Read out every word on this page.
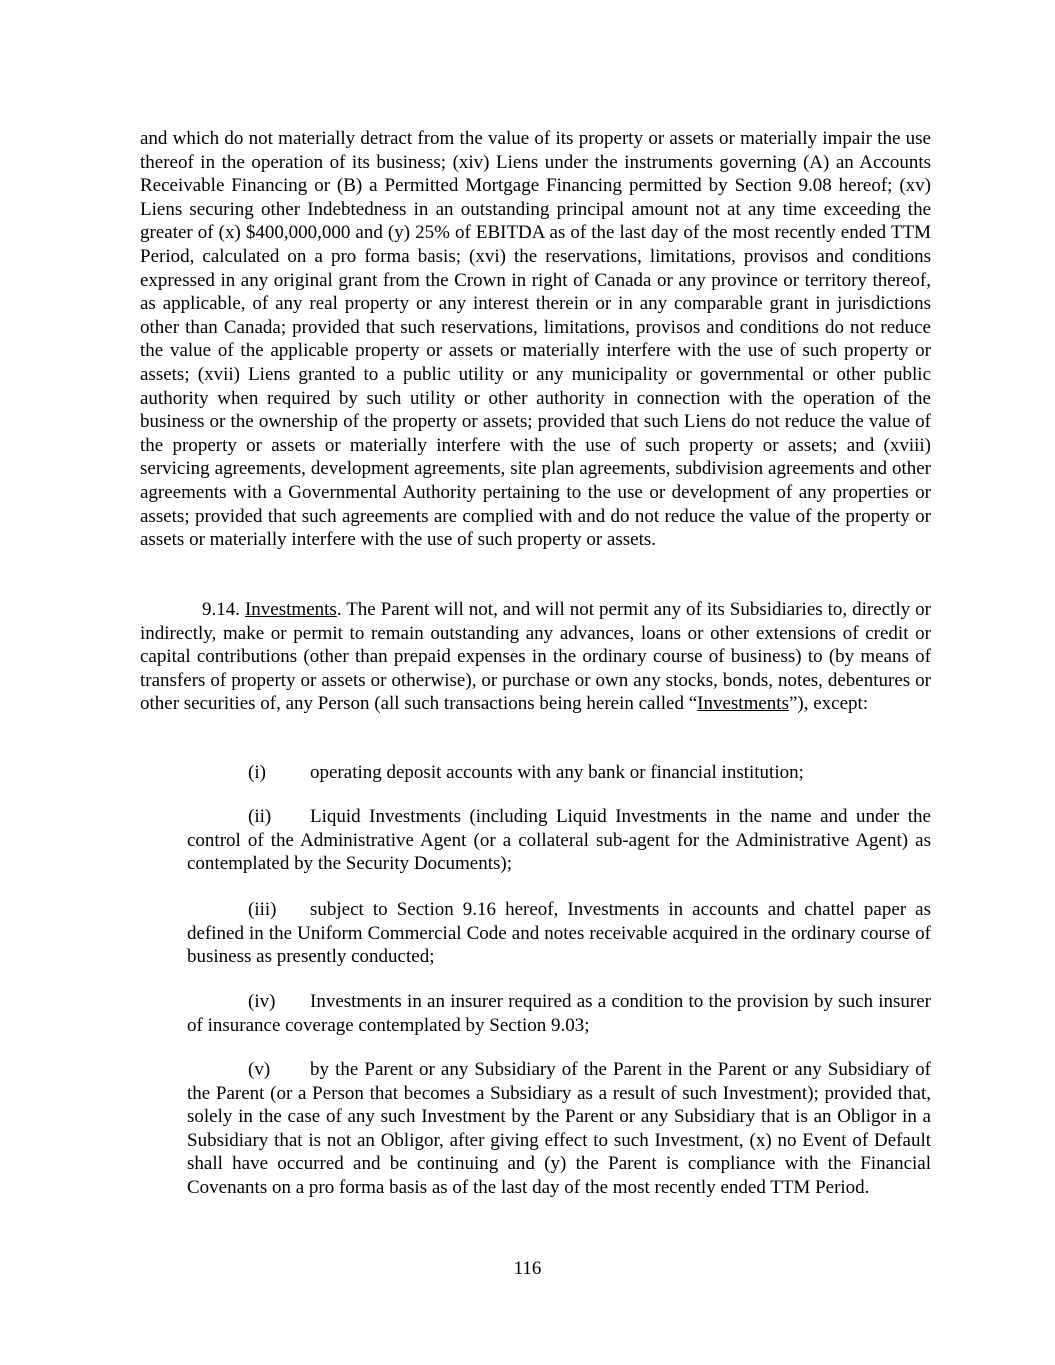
and which do not materially detract from the value of its property or assets or materially impair the use thereof in the operation of its business; (xiv) Liens under the instruments governing (A) an Accounts Receivable Financing or (B) a Permitted Mortgage Financing permitted by Section 9.08 hereof; (xv) Liens securing other Indebtedness in an outstanding principal amount not at any time exceeding the greater of (x) $400,000,000 and (y) 25% of EBITDA as of the last day of the most recently ended TTM Period, calculated on a pro forma basis; (xvi) the reservations, limitations, provisos and conditions expressed in any original grant from the Crown in right of Canada or any province or territory thereof, as applicable, of any real property or any interest therein or in any comparable grant in jurisdictions other than Canada; provided that such reservations, limitations, provisos and conditions do not reduce the value of the applicable property or assets or materially interfere with the use of such property or assets; (xvii) Liens granted to a public utility or any municipality or governmental or other public authority when required by such utility or other authority in connection with the operation of the business or the ownership of the property or assets; provided that such Liens do not reduce the value of the property or assets or materially interfere with the use of such property or assets; and (xviii) servicing agreements, development agreements, site plan agreements, subdivision agreements and other agreements with a Governmental Authority pertaining to the use or development of any properties or assets; provided that such agreements are complied with and do not reduce the value of the property or assets or materially interfere with the use of such property or assets.

9.14. Investments. The Parent will not, and will not permit any of its Subsidiaries to, directly or indirectly, make or permit to remain outstanding any advances, loans or other extensions of credit or capital contributions (other than prepaid expenses in the ordinary course of business) to (by means of transfers of property or assets or otherwise), or purchase or own any stocks, bonds, notes, debentures or other securities of, any Person (all such transactions being herein called “Investments”), except:

(i) operating deposit accounts with any bank or financial institution;

(ii) Liquid Investments (including Liquid Investments in the name and under the control of the Administrative Agent (or a collateral sub-agent for the Administrative Agent) as contemplated by the Security Documents);

(iii) subject to Section 9.16 hereof, Investments in accounts and chattel paper as defined in the Uniform Commercial Code and notes receivable acquired in the ordinary course of business as presently conducted;

(iv) Investments in an insurer required as a condition to the provision by such insurer of insurance coverage contemplated by Section 9.03;

(v) by the Parent or any Subsidiary of the Parent in the Parent or any Subsidiary of the Parent (or a Person that becomes a Subsidiary as a result of such Investment); provided that, solely in the case of any such Investment by the Parent or any Subsidiary that is an Obligor in a Subsidiary that is not an Obligor, after giving effect to such Investment, (x) no Event of Default shall have occurred and be continuing and (y) the Parent is compliance with the Financial Covenants on a pro forma basis as of the last day of the most recently ended TTM Period.

116
